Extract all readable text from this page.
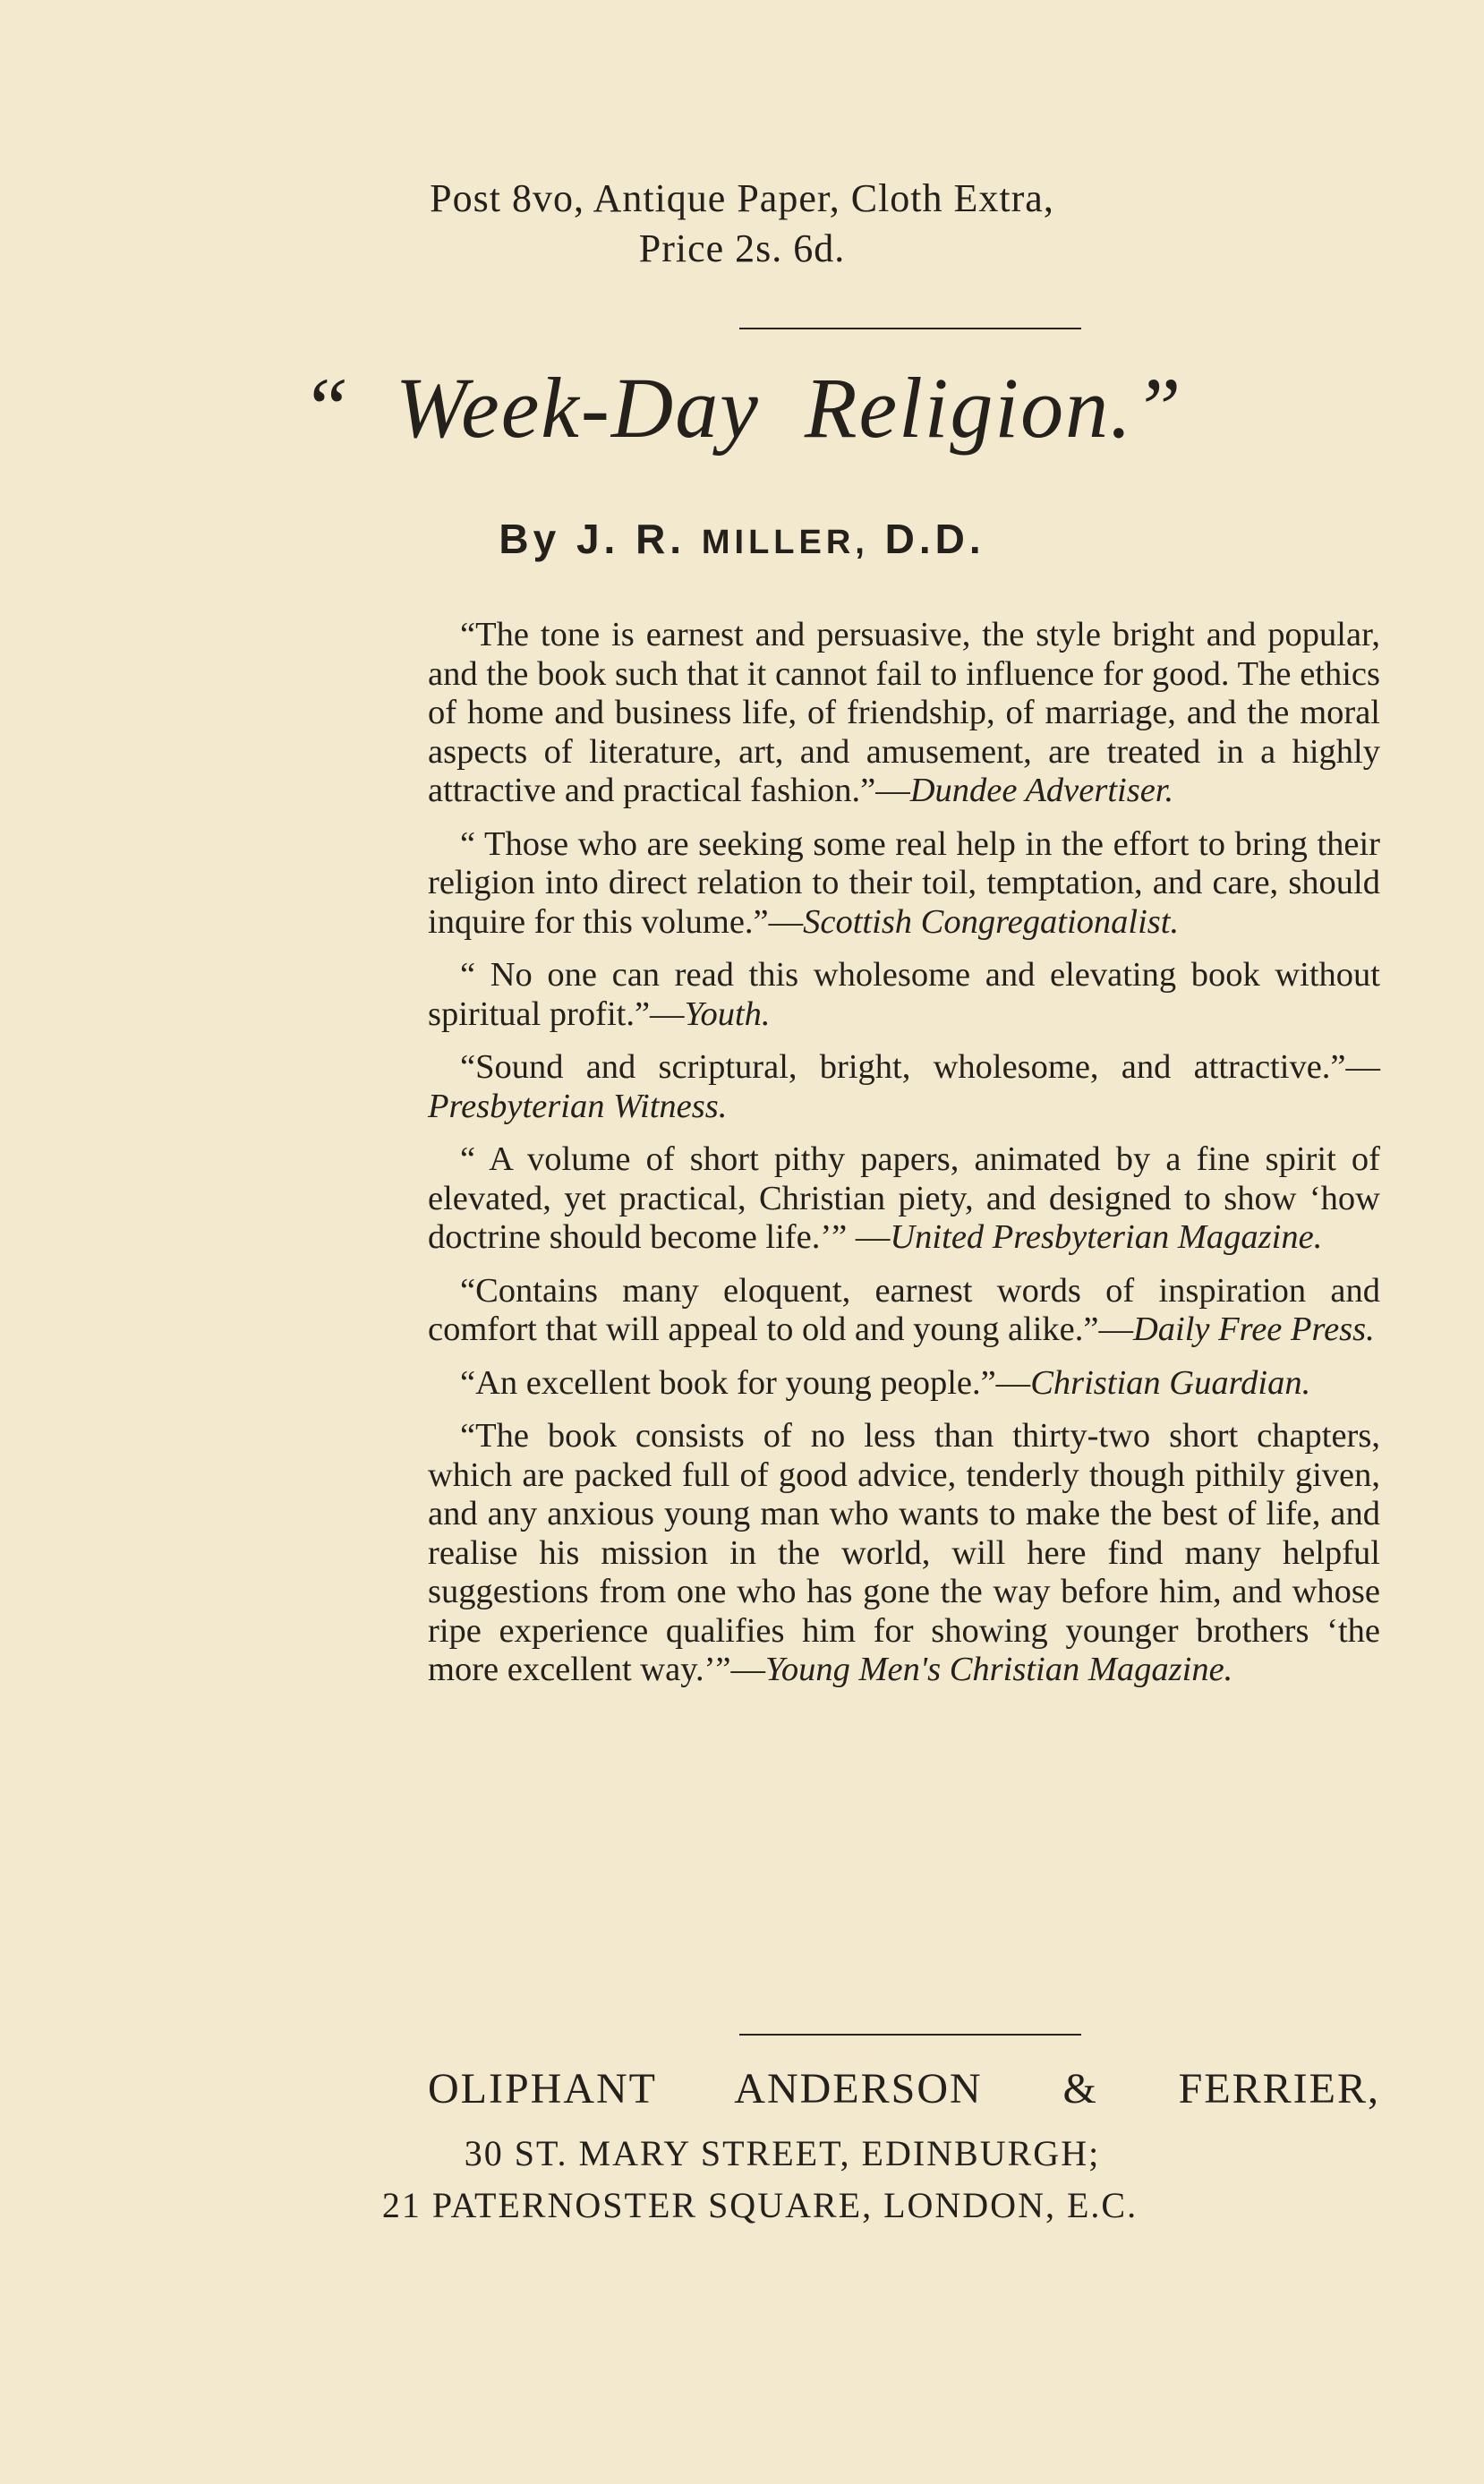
Post 8vo, Antique Paper, Cloth Extra,
Price 2s. 6d.
“ Week-Day Religion.”
By J. R. MILLER, D.D.

“The tone is earnest and persuasive, the style bright and popular, and the book such that it cannot fail to influence for good. The ethics of home and business life, of friendship, of marriage, and the moral aspects of literature, art, and amusement, are treated in a highly attractive and practical fashion.”—Dundee Advertiser.

“ Those who are seeking some real help in the effort to bring their religion into direct relation to their toil, temptation, and care, should inquire for this volume.”—Scottish Congregationalist.

“ No one can read this wholesome and elevating book without spiritual profit.”—Youth.

“Sound and scriptural, bright, wholesome, and attractive.”—Presbyterian Witness.

“ A volume of short pithy papers, animated by a fine spirit of elevated, yet practical, Christian piety, and designed to show ‘how doctrine should become life.’” —United Presbyterian Magazine.

“Contains many eloquent, earnest words of inspiration and comfort that will appeal to old and young alike.”—Daily Free Press.

“An excellent book for young people.”—Christian Guardian.

“The book consists of no less than thirty-two short chapters, which are packed full of good advice, tenderly though pithily given, and any anxious young man who wants to make the best of life, and realise his mission in the world, will here find many helpful suggestions from one who has gone the way before him, and whose ripe experience qualifies him for showing younger brothers ‘the more excellent way.’”—Young Men's Christian Magazine.

OLIPHANT ANDERSON & FERRIER,
30 ST. MARY STREET, EDINBURGH;
21 PATERNOSTER SQUARE, LONDON, E.C.
